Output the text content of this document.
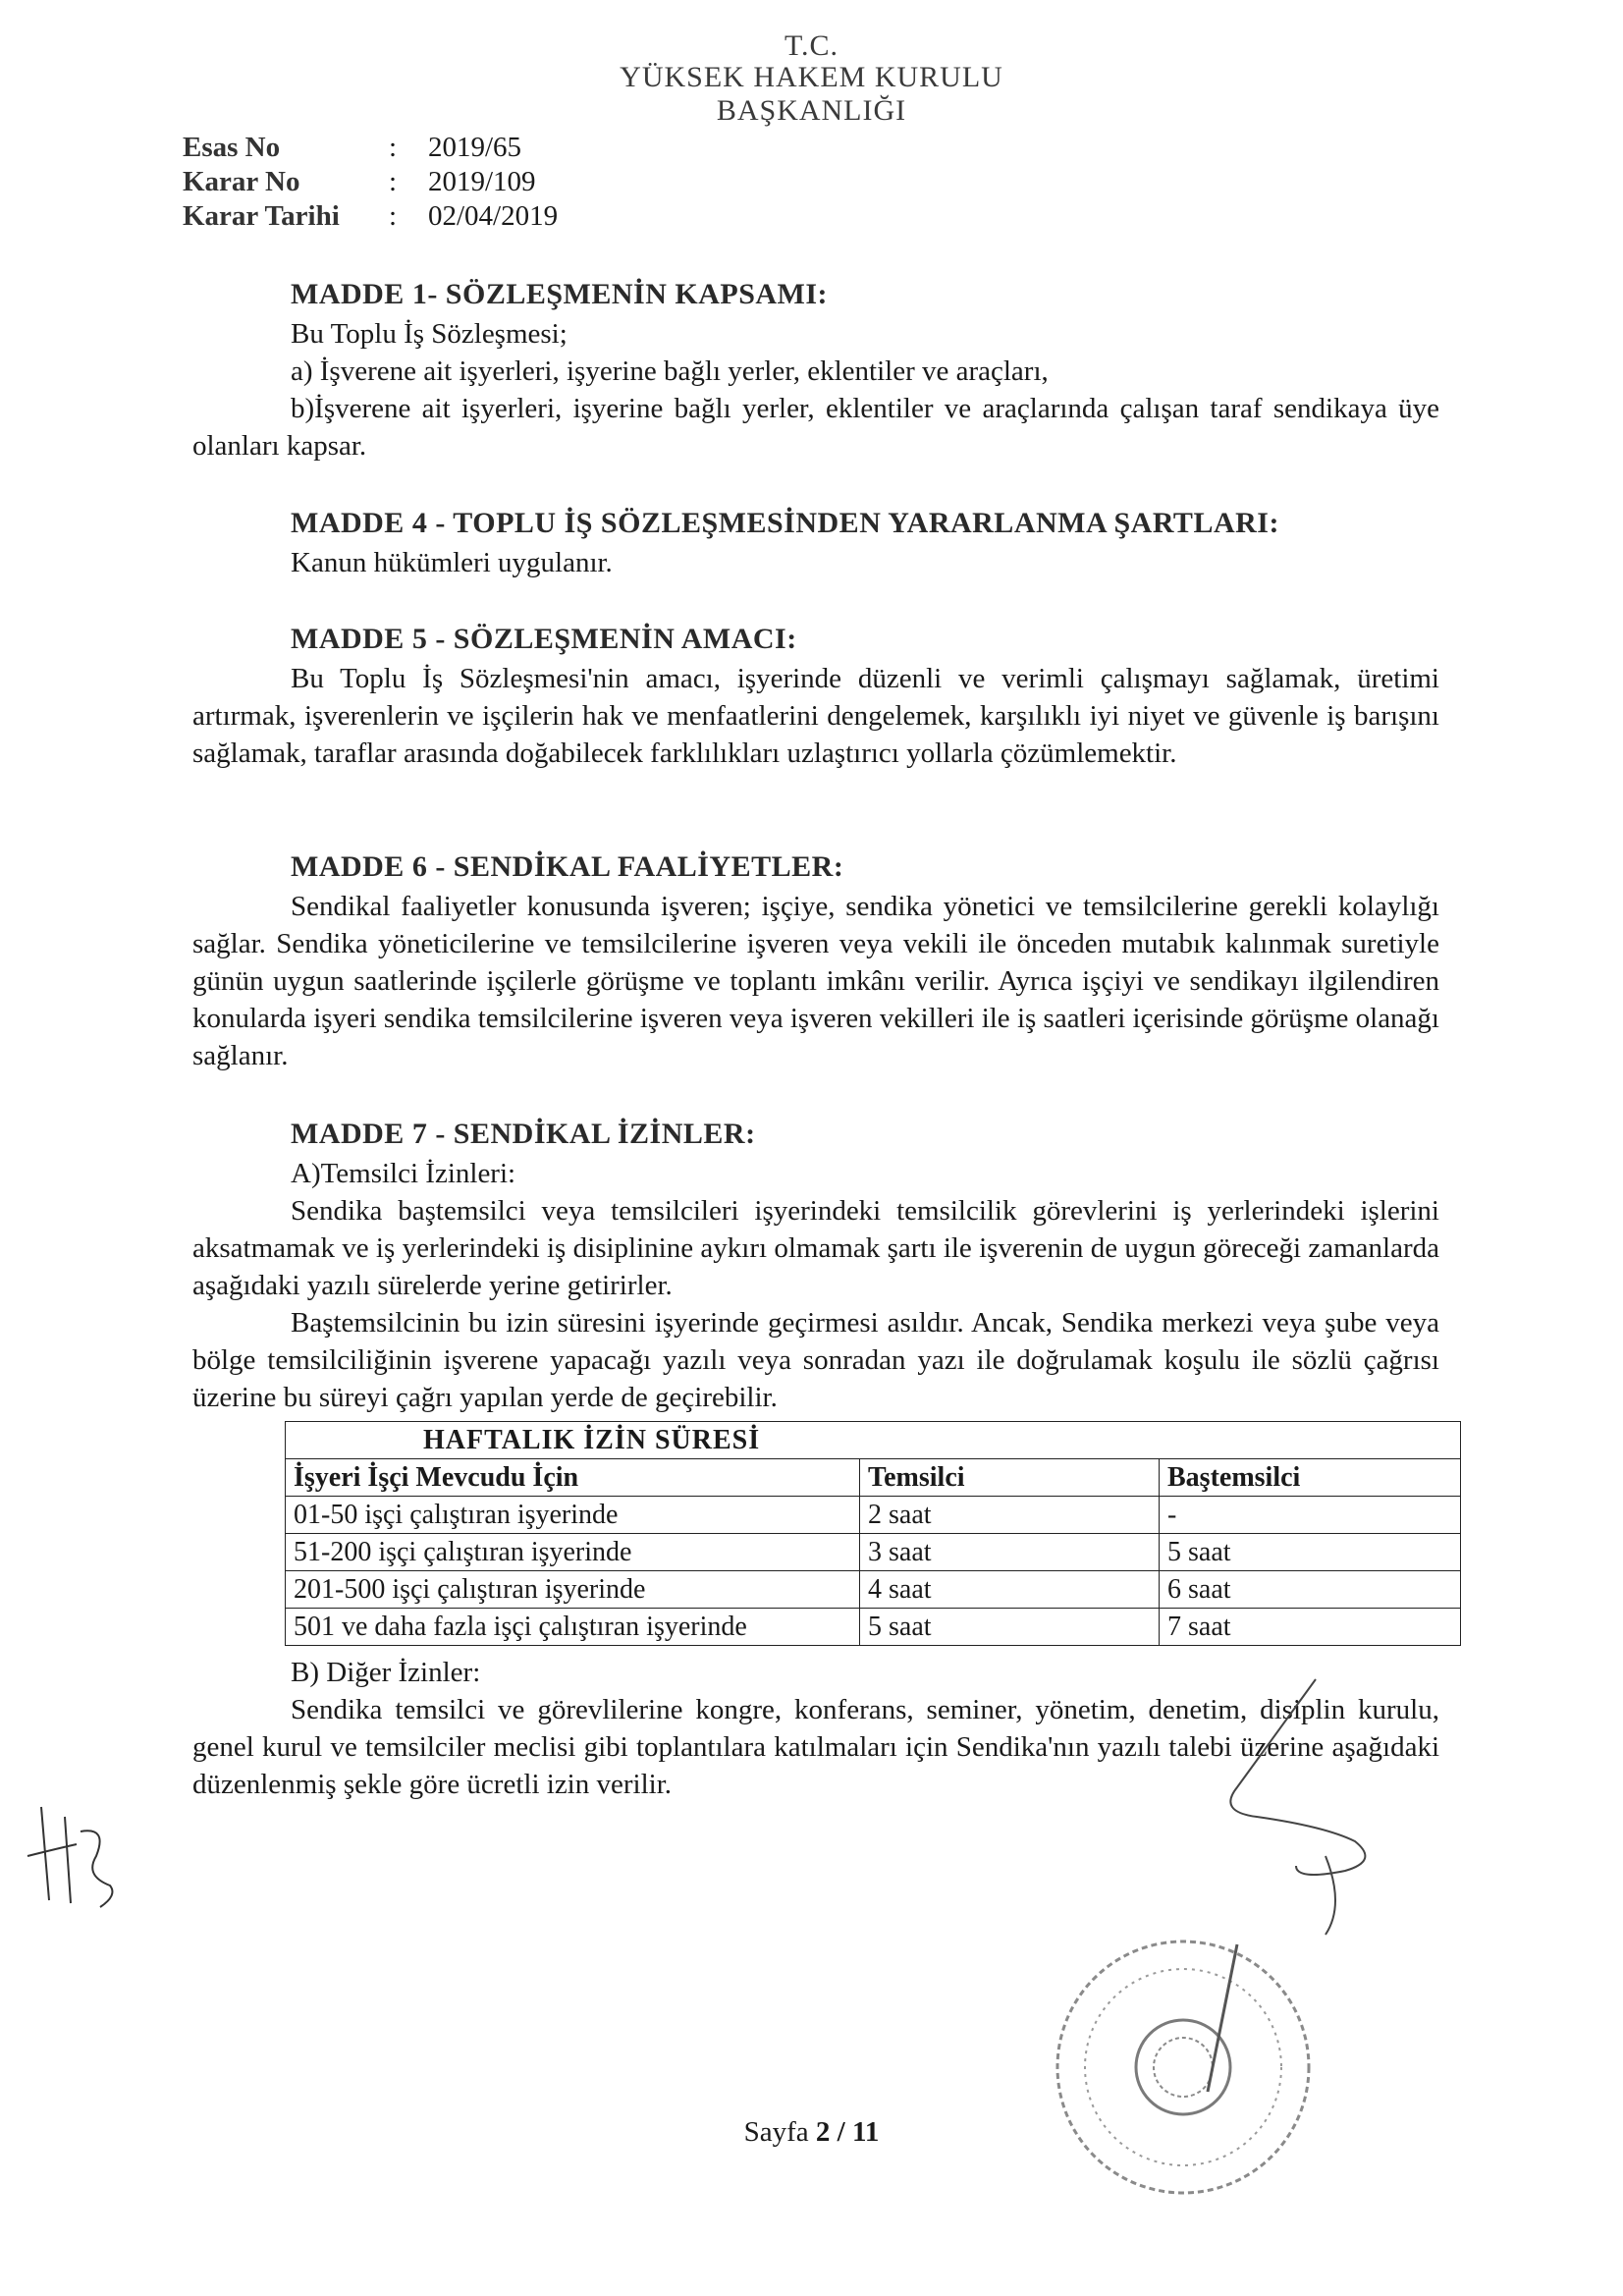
T.C.
YÜKSEK HAKEM KURULU
BAŞKANLIĞI
Esas No	: 2019/65
Karar No	: 2019/109
Karar Tarihi : 02/04/2019
MADDE 1- SÖZLEŞMENİN KAPSAMI:

Bu Toplu İş Sözleşmesi;

a) İşverene ait işyerleri, işyerine bağlı yerler, eklentiler ve araçları,

b)İşverene ait işyerleri, işyerine bağlı yerler, eklentiler ve araçlarında çalışan taraf sendikaya üye olanları kapsar.

MADDE 4 - TOPLU İŞ SÖZLEŞMESİNDEN YARARLANMA ŞARTLARI:

Kanun hükümleri uygulanır.

MADDE 5 - SÖZLEŞMENİN AMACI:

Bu Toplu İş Sözleşmesi'nin amacı, işyerinde düzenli ve verimli çalışmayı sağlamak, üretimi artırmak, işverenlerin ve işçilerin hak ve menfaatlerini dengelemek, karşılıklı iyi niyet ve güvenle iş barışını sağlamak, taraflar arasında doğabilecek farklılıkları uzlaştırıcı yollarla çözümlemektir.

MADDE 6 - SENDİKAL FAALİYETLER:

Sendikal faaliyetler konusunda işveren; işçiye, sendika yönetici ve temsilcilerine gerekli kolaylığı sağlar. Sendika yöneticilerine ve temsilcilerine işveren veya vekili ile önceden mutabık kalınmak suretiyle günün uygun saatlerinde işçilerle görüşme ve toplantı imkânı verilir. Ayrıca işçiyi ve sendikayı ilgilendiren konularda işyeri sendika temsilcilerine işveren veya işveren vekilleri ile iş saatleri içerisinde görüşme olanağı sağlanır.

MADDE 7 - SENDİKAL İZİNLER:

A)Temsilci İzinleri:

Sendika baştemsilci veya temsilcileri işyerindeki temsilcilik görevlerini iş yerlerindeki işlerini aksatmamak ve iş yerlerindeki iş disiplinine aykırı olmamak şartı ile işverenin de uygun göreceği zamanlarda aşağıdaki yazılı sürelerde yerine getirirler.

Baştemsilcinin bu izin süresini işyerinde geçirmesi asıldır. Ancak, Sendika merkezi veya şube veya bölge temsilciliğinin işverene yapacağı yazılı veya sonradan yazı ile doğrulamak koşulu ile sözlü çağrısı üzerine bu süreyi çağrı yapılan yerde de geçirebilir.

HAFTALIK İZİN SÜRESİ		
İşyeri İşçi Mevcudu İçin	Temsilci	Baştemsilci
01-50 işçi çalıştıran işyerinde	2 saat	-
51-200 işçi çalıştıran işyerinde	3 saat	5 saat
201-500 işçi çalıştıran işyerinde	4 saat	6 saat
501 ve daha fazla işçi çalıştıran işyerinde	5 saat	7 saat

B) Diğer İzinler:

Sendika temsilci ve görevlilerine kongre, konferans, seminer, yönetim, denetim, disiplin kurulu, genel kurul ve temsilciler meclisi gibi toplantılara katılmaları için Sendika'nın yazılı talebi üzerine aşağıdaki düzenlenmiş şekle göre ücretli izin verilir.

Sayfa 2 / 11
